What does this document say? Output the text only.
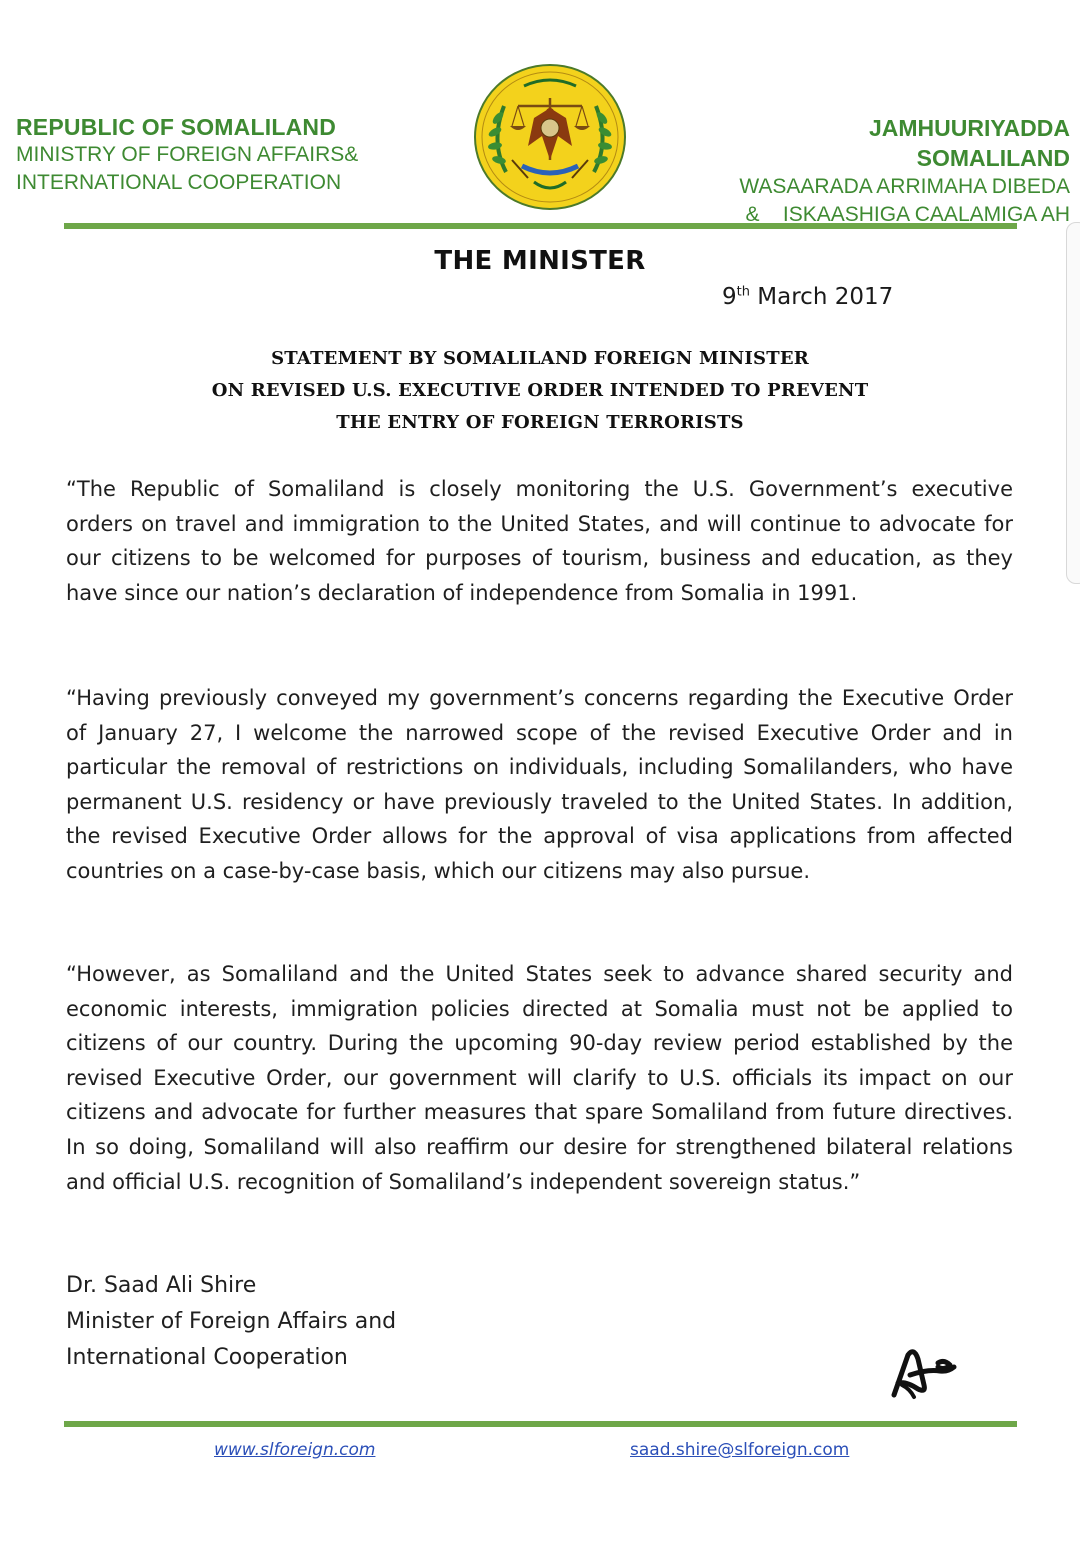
REPUBLIC OF SOMALILAND
MINISTRY OF FOREIGN AFFAIRS&
INTERNATIONAL COOPERATION
JAMHUURIYADDA
SOMALILAND
WASAARADA ARRIMAHA DIBEDA
&    ISKAASHIGA CAALAMIGA AH
THE MINISTER
9th March 2017
STATEMENT BY SOMALILAND FOREIGN MINISTER
ON REVISED U.S. EXECUTIVE ORDER INTENDED TO PREVENT
THE ENTRY OF FOREIGN TERRORISTS

“The Republic of Somaliland is closely monitoring the U.S. Government’s executive orders on travel and immigration to the United States, and will continue to advocate for our citizens to be welcomed for purposes of tourism, business and education, as they have since our nation’s declaration of independence from Somalia in 1991.

“Having previously conveyed my government’s concerns regarding the Executive Order of January 27, I welcome the narrowed scope of the revised Executive Order and in particular the removal of restrictions on individuals, including Somalilanders, who have permanent U.S. residency or have previously traveled to the United States. In addition, the revised Executive Order allows for the approval of visa applications from affected countries on a case-by-case basis, which our citizens may also pursue.

“However, as Somaliland and the United States seek to advance shared security and economic interests, immigration policies directed at Somalia must not be applied to citizens of our country. During the upcoming 90-day review period established by the revised Executive Order, our government will clarify to U.S. officials its impact on our citizens and advocate for further measures that spare Somaliland from future directives. In so doing, Somaliland will also reaffirm our desire for strengthened bilateral relations and official U.S. recognition of Somaliland’s independent sovereign status.”

Dr. Saad Ali Shire
Minister of Foreign Affairs and
International Cooperation
www.slforeign.com	saad.shire@slforeign.com
